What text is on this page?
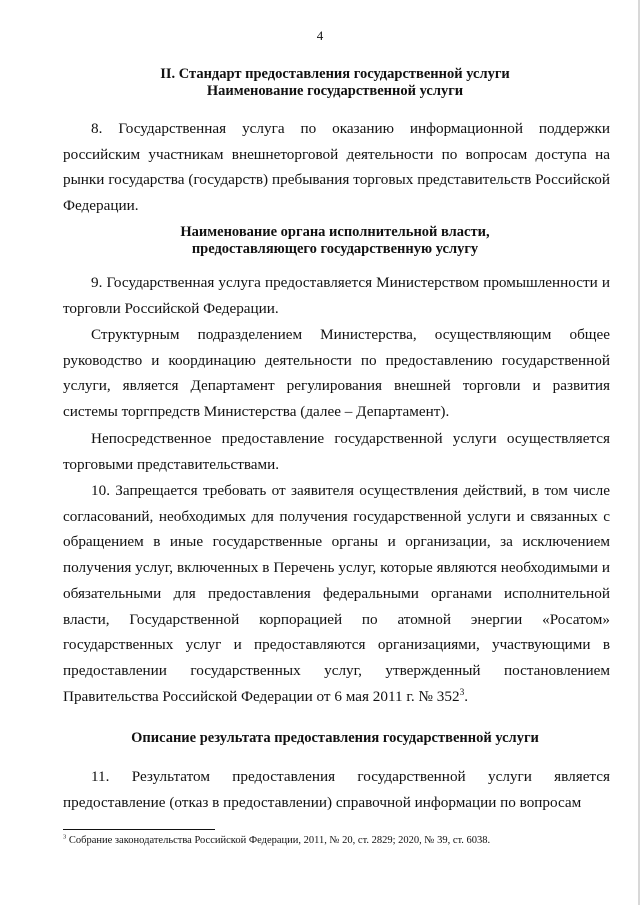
4
II. Стандарт предоставления государственной услуги
Наименование государственной услуги

8. Государственная услуга по оказанию информационной поддержки российским участникам внешнеторговой деятельности по вопросам доступа на рынки государства (государств) пребывания торговых представительств Российской Федерации.

Наименование органа исполнительной власти,
предоставляющего государственную услугу

9. Государственная услуга предоставляется Министерством промышленности и торговли Российской Федерации.

Структурным подразделением Министерства, осуществляющим общее руководство и координацию деятельности по предоставлению государственной услуги, является Департамент регулирования внешней торговли и развития системы торгпредств Министерства (далее – Департамент).

Непосредственное предоставление государственной услуги осуществляется торговыми представительствами.

10. Запрещается требовать от заявителя осуществления действий, в том числе согласований, необходимых для получения государственной услуги и связанных с обращением в иные государственные органы и организации, за исключением получения услуг, включенных в Перечень услуг, которые являются необходимыми и обязательными для предоставления федеральными органами исполнительной власти, Государственной корпорацией по атомной энергии «Росатом» государственных услуг и предоставляются организациями, участвующими в предоставлении государственных услуг, утвержденный постановлением Правительства Российской Федерации от 6 мая 2011 г. № $352^3$.

Описание результата предоставления государственной услуги

11. Результатом предоставления государственной услуги является предоставление (отказ в предоставлении) справочной информации по вопросам

$^3$ Собрание законодательства Российской Федерации, 2011, № 20, ст. 2829; 2020, № 39, ст. 6038.
